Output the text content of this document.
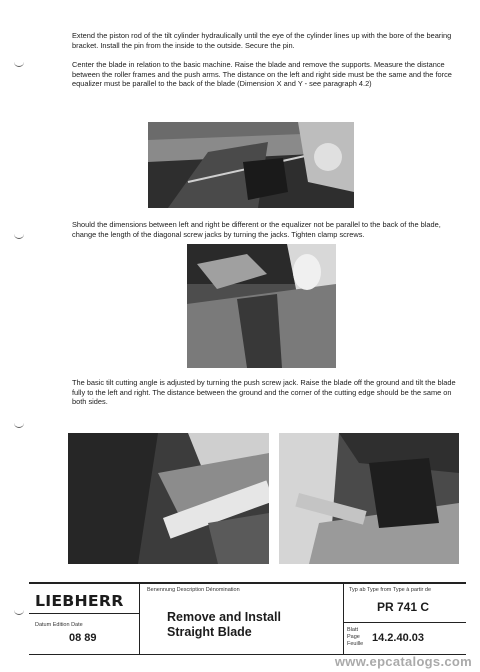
Extend the piston rod of the tilt cylinder hydraulically until the eye of the cylinder lines up with the bore of the bearing bracket. Install the pin from the inside to the outside. Secure the pin.

Center the blade in relation to the basic machine. Raise the blade and remove the supports. Measure the distance between the roller frames and the push arms. The distance on the left and right side must be the same and the force equalizer must be parallel to the back of the blade (Dimension X and Y - see paragraph 4.2)

Should the dimensions between left and right be different or the equalizer not be parallel to the back of the blade, change the length of the diagonal screw jacks by turning the jacks. Tighten clamp screws.

The basic tilt cutting angle is adjusted by turning the push screw jack. Raise the blade off the ground and tilt the blade fully to the left and right. The distance between the ground and the corner of the cutting edge should be the same on both sides.

LIEBHERR
Datum Edition Date
08 89
Benennung Description Dénomination
Remove and Install
Straight Blade
Typ ab Type from Type à partir de
PR 741 C
Blatt
Page
Feuille 14.2.40.03
www.epcatalogs.com
